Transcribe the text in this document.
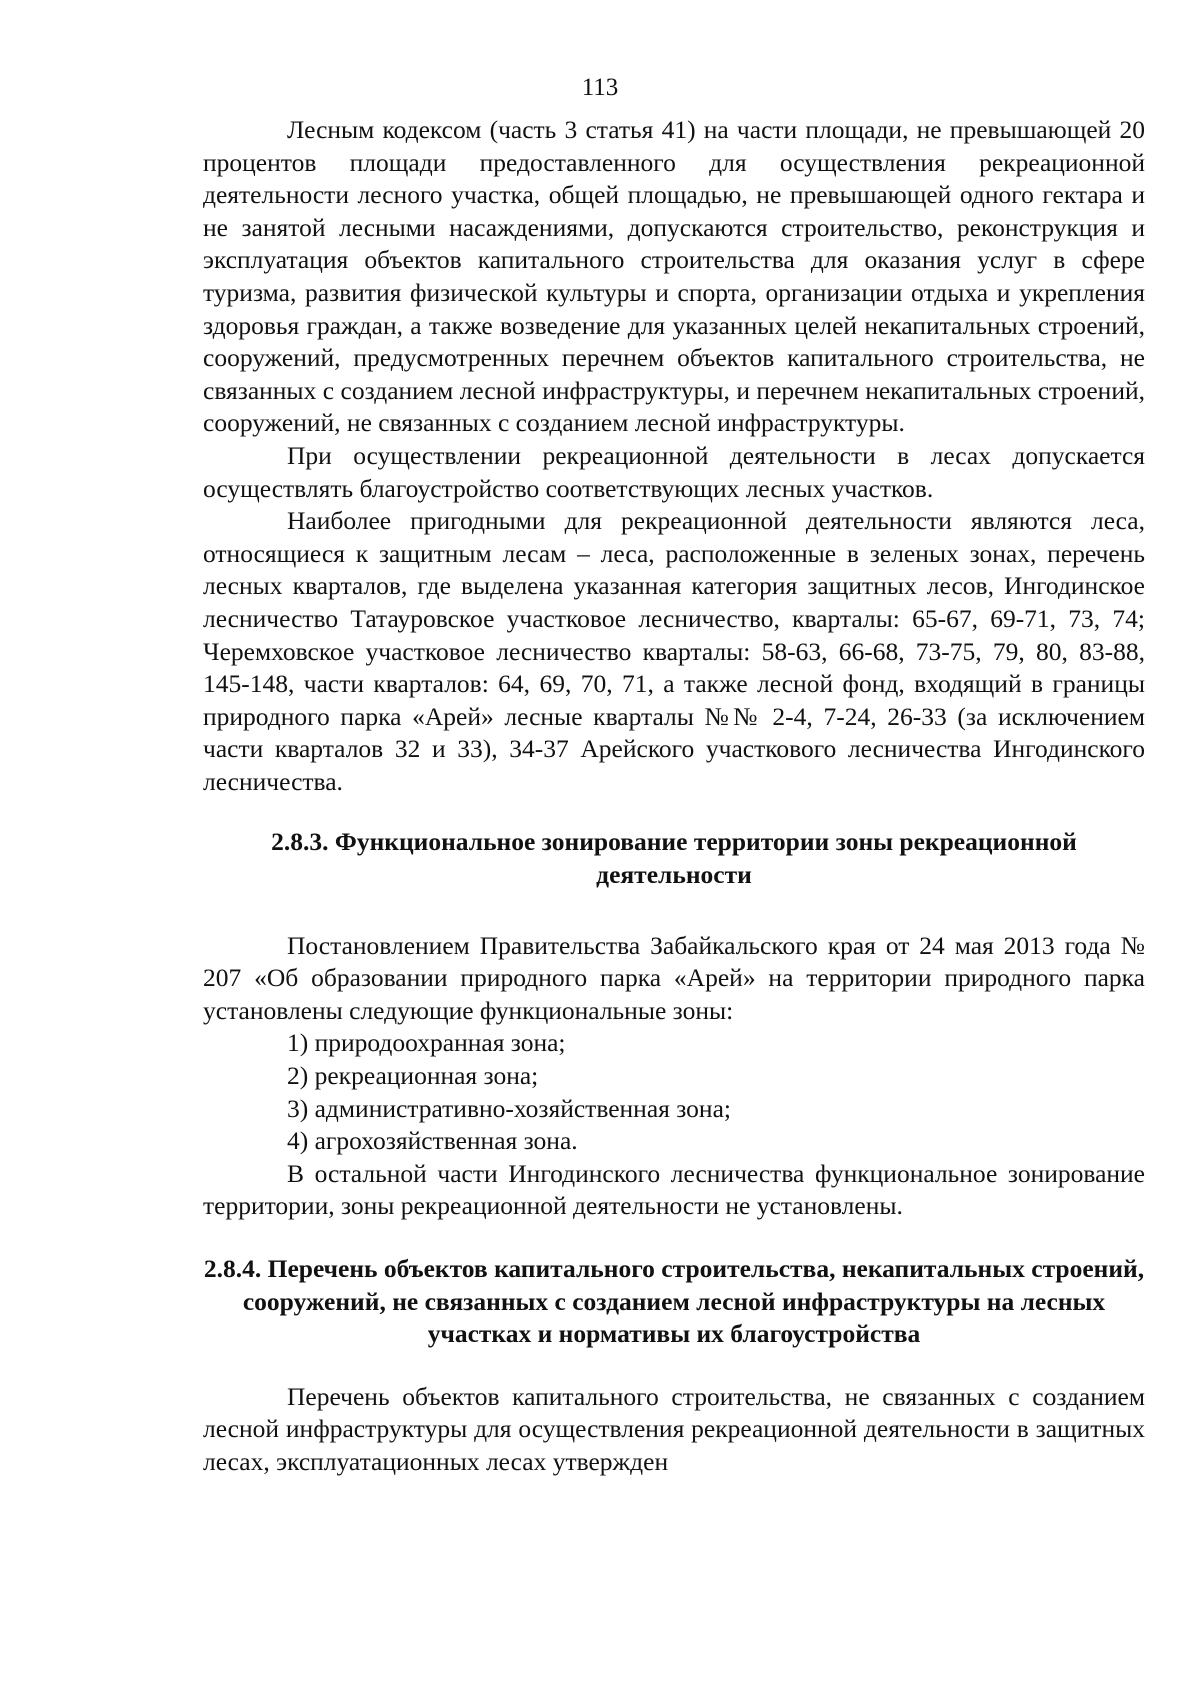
113

Лесным кодексом (часть 3 статья 41) на части площади, не превышающей 20 процентов площади предоставленного для осуществления рекреационной деятельности лесного участка, общей площадью, не превышающей одного гектара и не занятой лесными насаждениями, допускаются строительство, реконструкция и эксплуатация объектов капитального строительства для оказания услуг в сфере туризма, развития физической культуры и спорта, организации отдыха и укрепления здоровья граждан, а также возведение для указанных целей некапитальных строений, сооружений, предусмотренных перечнем объектов капитального строительства, не связанных с созданием лесной инфраструктуры, и перечнем некапитальных строений, сооружений, не связанных с созданием лесной инфраструктуры.

При осуществлении рекреационной деятельности в лесах допускается осуществлять благоустройство соответствующих лесных участков.

Наиболее пригодными для рекреационной деятельности являются леса, относящиеся к защитным лесам – леса, расположенные в зеленых зонах, перечень лесных кварталов, где выделена указанная категория защитных лесов, Ингодинское лесничество Татауровское участковое лесничество, кварталы: 65-67, 69-71, 73, 74; Черемховское участковое лесничество кварталы: 58-63, 66-68, 73-75, 79, 80, 83-88, 145-148, части кварталов: 64, 69, 70, 71, а также лесной фонд, входящий в границы природного парка «Арей» лесные кварталы №№ 2-4, 7-24, 26-33 (за исключением части кварталов 32 и 33), 34-37 Арейского участкового лесничества Ингодинского лесничества.

2.8.3. Функциональное зонирование территории зоны рекреационной деятельности

Постановлением Правительства Забайкальского края от 24 мая 2013 года № 207 «Об образовании природного парка «Арей» на территории природного парка установлены следующие функциональные зоны:

1) природоохранная зона;
2) рекреационная зона;
3) административно-хозяйственная зона;
4) агрохозяйственная зона.

В остальной части Ингодинского лесничества функциональное зонирование территории, зоны рекреационной деятельности не установлены.

2.8.4. Перечень объектов капитального строительства, некапитальных строений, сооружений, не связанных с созданием лесной инфраструктуры на лесных участках и нормативы их благоустройства

Перечень объектов капитального строительства, не связанных с созданием лесной инфраструктуры для осуществления рекреационной деятельности в защитных лесах, эксплуатационных лесах утвержден
